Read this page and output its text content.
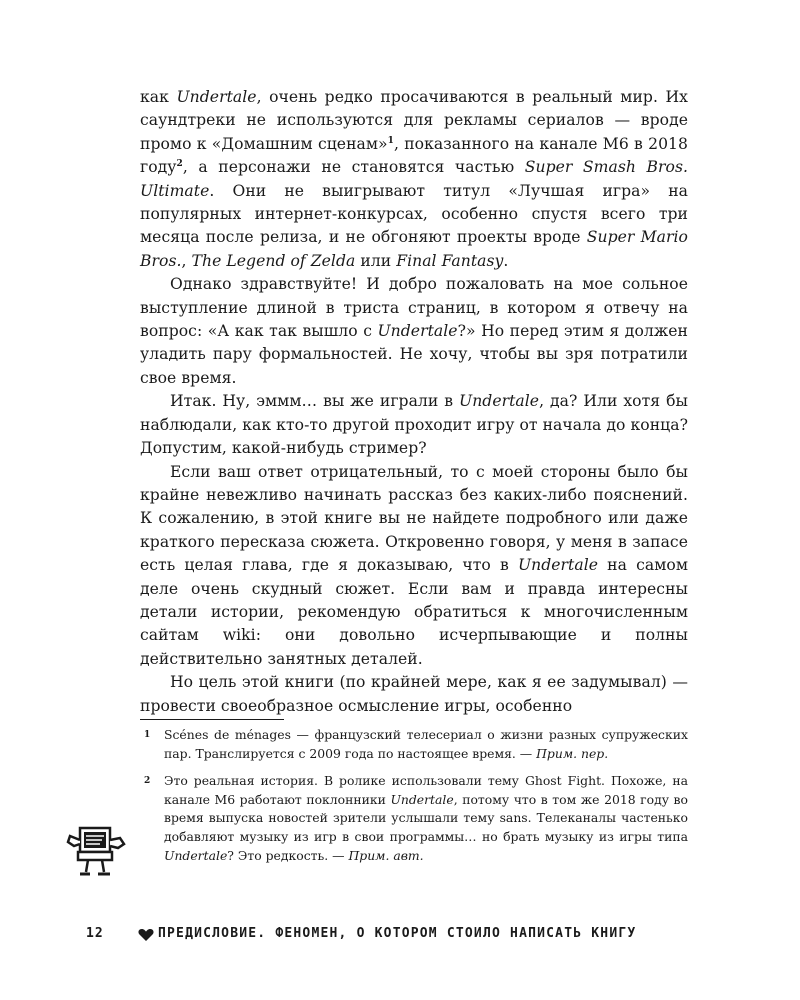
как Undertale, очень редко просачиваются в реальный мир. Их саундтреки не используются для рекламы сериалов — вроде промо к «Домашним сценам»$^1$, показанного на канале M6 в 2018 году$^2$, а персонажи не становятся частью Super Smash Bros. Ultimate. Они не выигрывают титул «Лучшая игра» на популярных интернет-конкурсах, особенно спустя всего три месяца после релиза, и не обгоняют проекты вроде Super Mario Bros., The Legend of Zelda или Final Fantasy.

Однако здравствуйте! И добро пожаловать на мое сольное выступление длиной в триста страниц, в котором я отвечу на вопрос: «А как так вышло с Undertale?» Но перед этим я должен уладить пару формальностей. Не хочу, чтобы вы зря потратили свое время.

Итак. Ну, эммм… вы же играли в Undertale, да? Или хотя бы наблюдали, как кто-то другой проходит игру от начала до конца? Допустим, какой-нибудь стример?

Если ваш ответ отрицательный, то с моей стороны было бы крайне невежливо начинать рассказ без каких-либо пояснений. К сожалению, в этой книге вы не найдете подробного или даже краткого пересказа сюжета. Откровенно говоря, у меня в запасе есть целая глава, где я доказываю, что в Undertale на самом деле очень скудный сюжет. Если вам и правда интересны детали истории, рекомендую обратиться к многочисленным сайтам wiki: они довольно исчерпывающие и полны действительно занятных деталей.

Но цель этой книги (по крайней мере, как я ее задумывал) — провести своеобразное осмысление игры, особенно

1 Scénes de ménages — французский телесериал о жизни разных супружеских пар. Транслируется с 2009 года по настоящее время. — Прим. пер.
2 Это реальная история. В ролике использовали тему Ghost Fight. Похоже, на канале M6 работают поклонники Undertale, потому что в том же 2018 году во время выпуска новостей зрители услышали тему sans. Телеканалы частенько добавляют музыку из игр в свои программы… но брать музыку из игры типа Undertale? Это редкость. — Прим. авт.
12	ПРЕДИСЛОВИЕ. ФЕНОМЕН, О КОТОРОМ СТОИЛО НАПИСАТЬ КНИГУ
